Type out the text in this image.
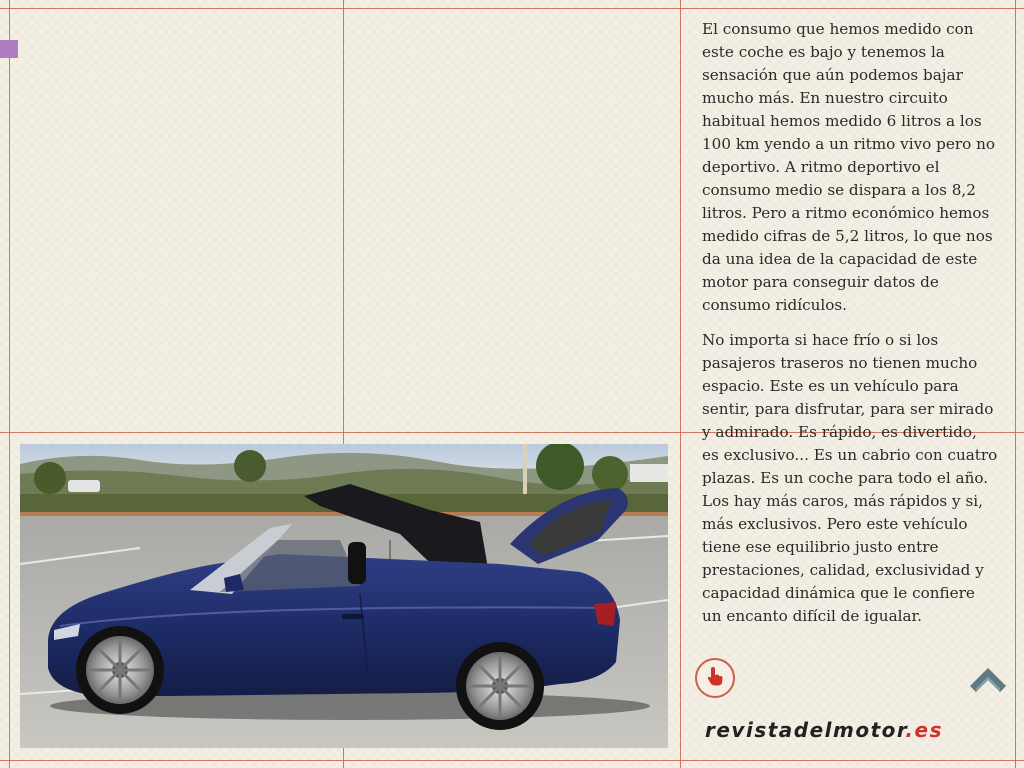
El consumo que hemos medido con este coche es bajo y tenemos la sensación que aún podemos bajar mucho más. En nuestro circuito habitual hemos medido 6 litros a los 100 km yendo a un ritmo vivo pero no deportivo. A ritmo deportivo el consumo medio se dispara a los 8,2 litros. Pero a ritmo económico hemos medido cifras de 5,2 litros, lo que nos da una idea de la capacidad de este motor para conseguir datos de consumo ridículos.

No importa si hace frío o si los pasajeros traseros no tienen mucho espacio. Este es un vehículo para sentir, para disfrutar, para ser mirado y admirado. Es rápido, es divertido, es exclusivo... Es un cabrio con cuatro plazas. Es un coche para todo el año. Los hay más caros, más rápidos y si, más exclusivos. Pero este vehículo tiene ese equilibrio justo entre prestaciones, calidad, exclusividad y capacidad dinámica que le confiere un encanto difícil de igualar.

revistadelmotor.es
